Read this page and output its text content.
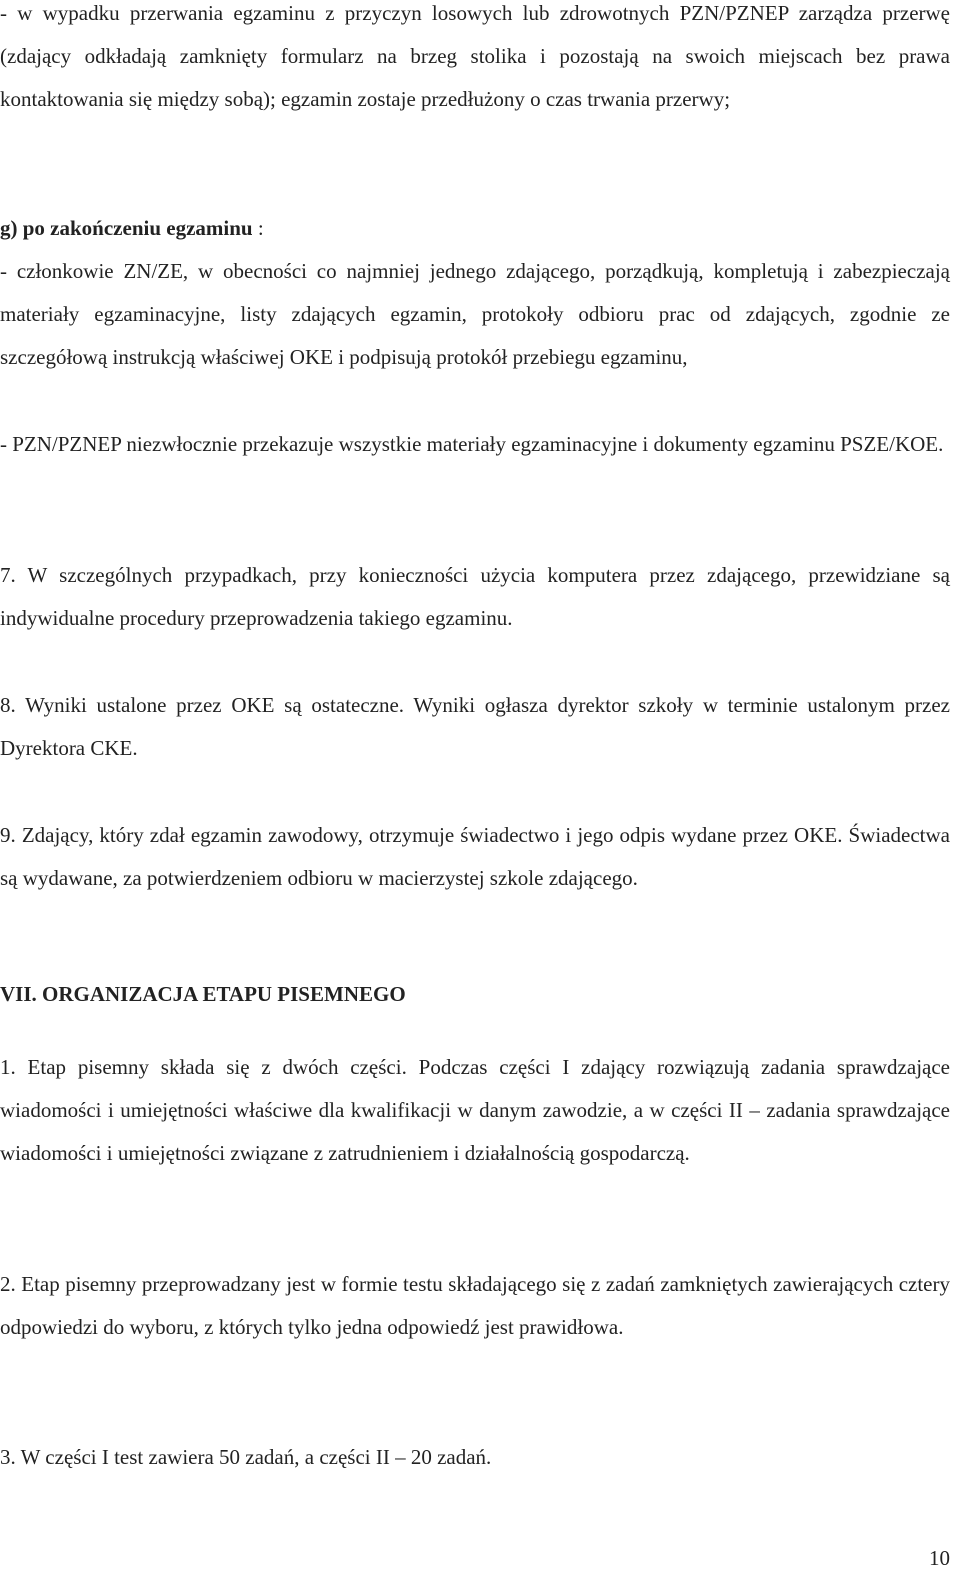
- w wypadku przerwania egzaminu z przyczyn losowych lub zdrowotnych PZN/PZNEP zarządza przerwę (zdający odkładają zamknięty formularz na brzeg stolika i pozostają na swoich miejscach bez prawa kontaktowania się między sobą); egzamin zostaje przedłużony o czas trwania przerwy;
g) po zakończeniu egzaminu :
- członkowie ZN/ZE, w obecności co najmniej jednego zdającego, porządkują, kompletują i zabezpieczają materiały egzaminacyjne, listy zdających egzamin, protokoły odbioru prac od zdających, zgodnie ze szczegółową instrukcją właściwej OKE i podpisują protokół przebiegu egzaminu,
- PZN/PZNEP niezwłocznie przekazuje wszystkie materiały egzaminacyjne i dokumenty egzaminu PSZE/KOE.
7. W szczególnych przypadkach, przy konieczności użycia komputera przez zdającego, przewidziane są indywidualne procedury przeprowadzenia takiego egzaminu.
8. Wyniki ustalone przez OKE są ostateczne. Wyniki ogłasza dyrektor szkoły w terminie ustalonym przez Dyrektora CKE.
9. Zdający, który zdał egzamin zawodowy, otrzymuje świadectwo i jego odpis wydane przez OKE. Świadectwa są wydawane, za potwierdzeniem odbioru w macierzystej szkole zdającego.
VII. ORGANIZACJA ETAPU PISEMNEGO
1. Etap pisemny składa się z dwóch części. Podczas części I zdający rozwiązują zadania sprawdzające wiadomości i umiejętności właściwe dla kwalifikacji w danym zawodzie, a w części II – zadania sprawdzające wiadomości i umiejętności związane z zatrudnieniem i działalnością gospodarczą.
2. Etap pisemny przeprowadzany jest w formie testu składającego się z zadań zamkniętych zawierających cztery odpowiedzi do wyboru, z których tylko jedna odpowiedź jest prawidłowa.
3. W części I test zawiera 50 zadań, a części II – 20 zadań.
10
